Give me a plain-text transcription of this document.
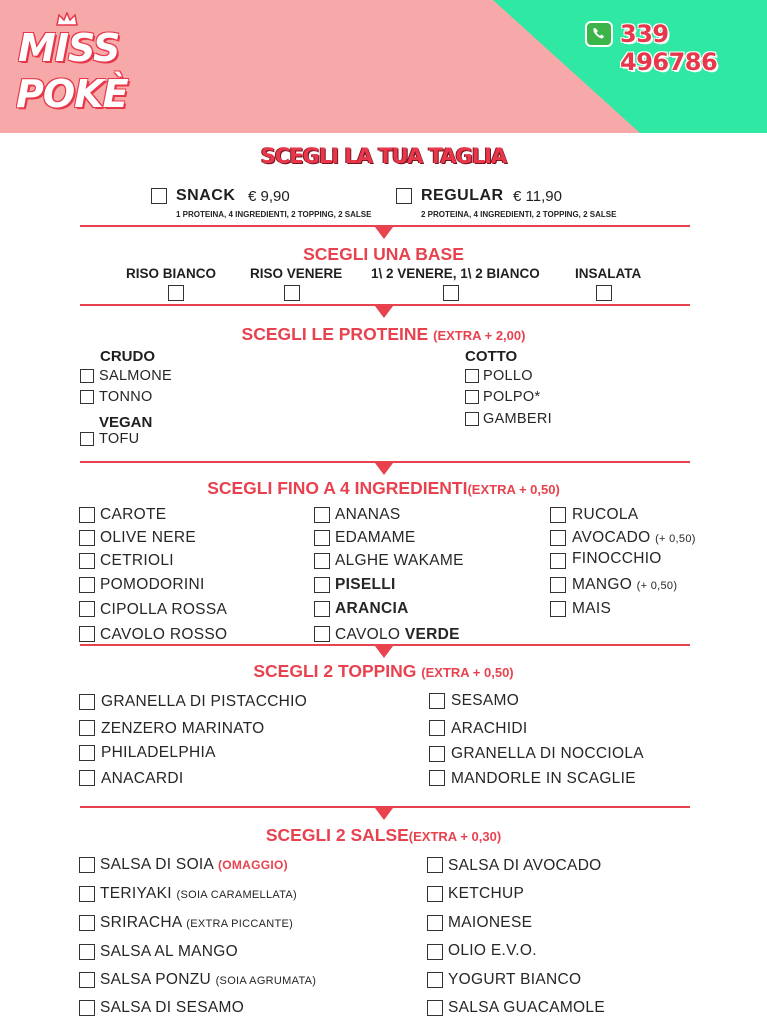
MISS
POKÈ
339 496786
SCEGLI LA TUA TAGLIA
SNACK € 9,90
1 PROTEINA, 4 INGREDIENTI, 2 TOPPING, 2 SALSE
REGULAR € 11,90
2 PROTEINA, 4 INGREDIENTI, 2 TOPPING, 2 SALSE
SCEGLI UNA BASE
RISO BIANCO	RISO VENERE 1\ 2 VENERE, 1\ 2 BIANCO	INSALATA
SCEGLI LE PROTEINE (EXTRA + 2,00)
CRUDO
SALMONE
TONNO
VEGAN
TOFU
COTTO
POLLO
POLPO*
GAMBERI
SCEGLI FINO A 4 INGREDIENTI(EXTRA + 0,50)
CAROTE
OLIVE NERE
CETRIOLI
POMODORINI
CIPOLLA ROSSA
CAVOLO ROSSO
ANANAS
EDAMAME
ALGHE WAKAME
PISELLI
ARANCIA
CAVOLO VERDE
RUCOLA
AVOCADO (+ 0,50)
FINOCCHIO
MANGO (+ 0,50)
MAIS
SCEGLI 2 TOPPING (EXTRA + 0,50)
GRANELLA DI PISTACCHIO
ZENZERO MARINATO
PHILADELPHIA
ANACARDI
SESAMO
ARACHIDI
GRANELLA DI NOCCIOLA
MANDORLE IN SCAGLIE
SCEGLI 2 SALSE(EXTRA + 0,30)
SALSA DI SOIA (OMAGGIO)
TERIYAKI (SOIA CARAMELLATA)
SRIRACHA (EXTRA PICCANTE)
SALSA AL MANGO
SALSA PONZU (SOIA AGRUMATA)
SALSA DI SESAMO
SALSA DI AVOCADO
KETCHUP
MAIONESE
OLIO E.V.O.
YOGURT BIANCO
SALSA GUACAMOLE
